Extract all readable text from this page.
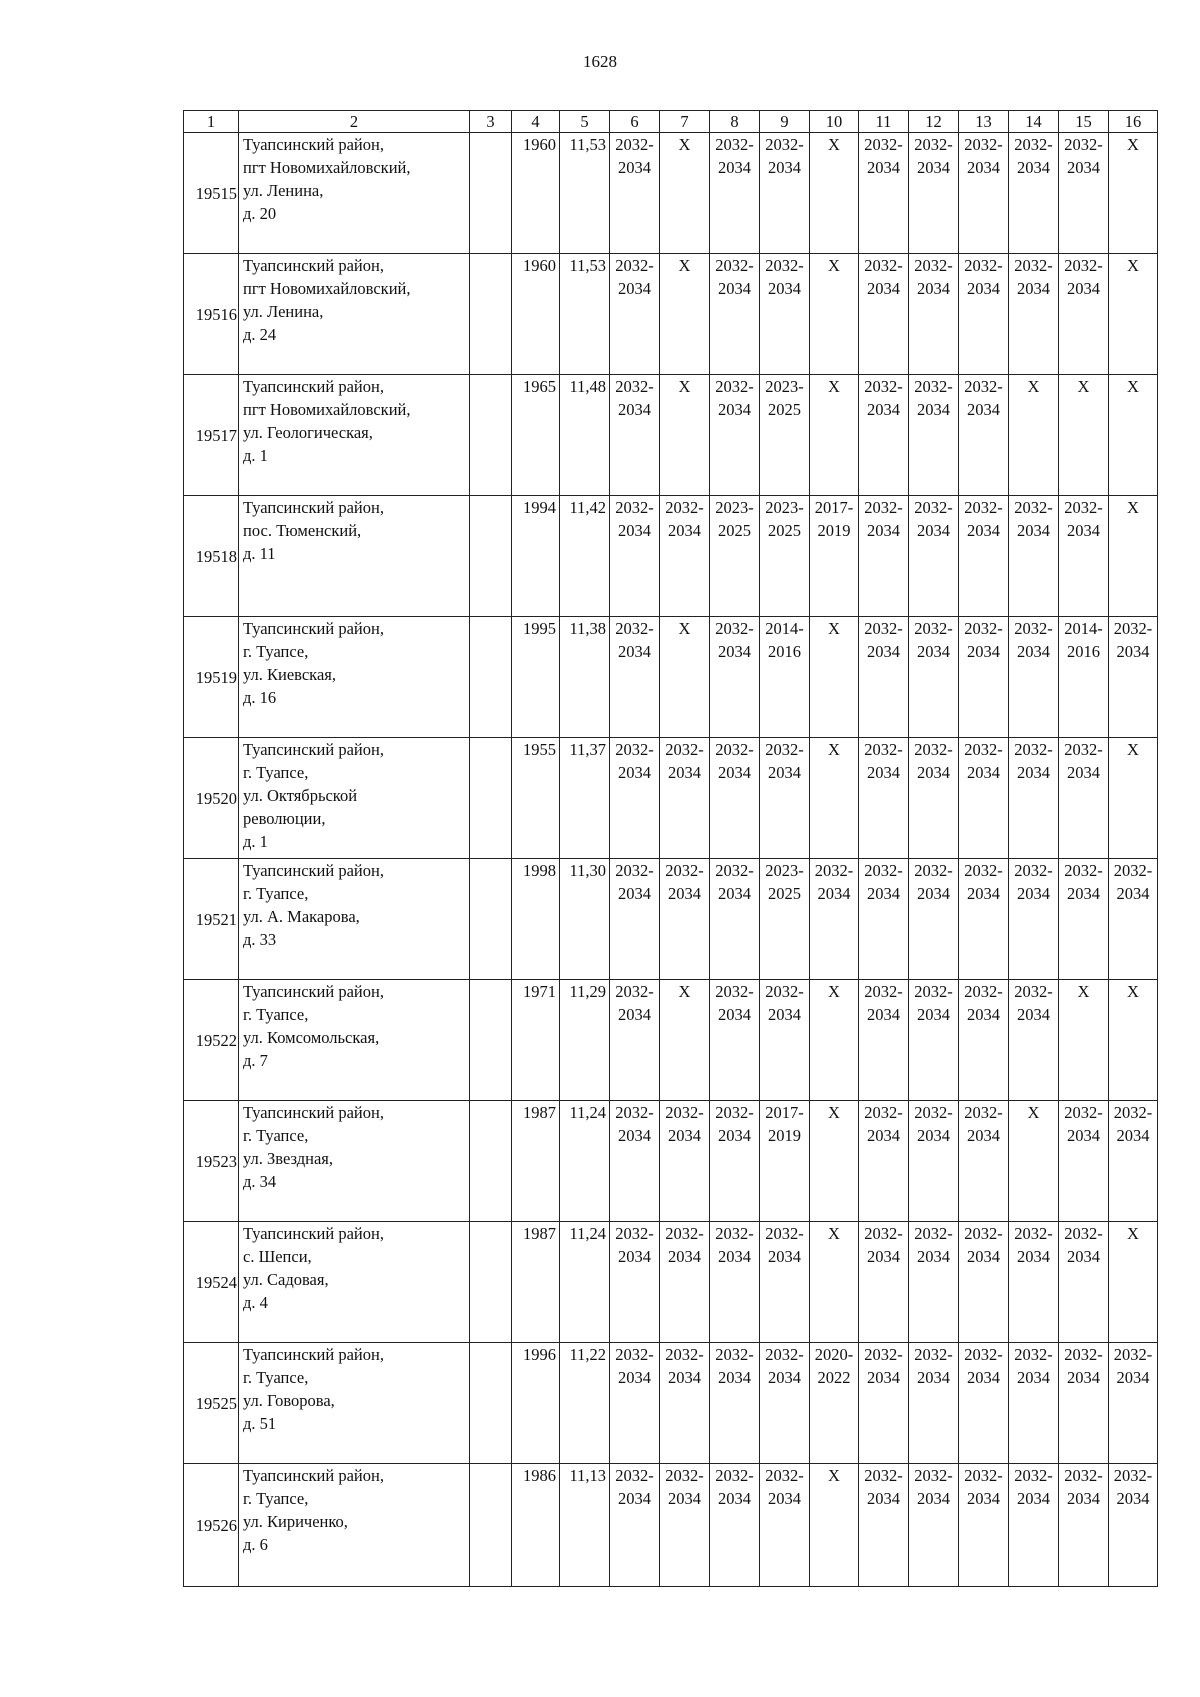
1628
1	2	3	4	5	6	7	8	9	10	11	12	13	14	15	16
19515	Туапсинский район,
пгт Новомихайловский,
ул. Ленина,
д. 20		1960	11,53	2032-
2034	X	2032-
2034	2032-
2034	X	2032-
2034	2032-
2034	2032-
2034	2032-
2034	2032-
2034	X

19516	Туапсинский район,
пгт Новомихайловский,
ул. Ленина,
д. 24		1960	11,53	2032-
2034	X	2032-
2034	2032-
2034	X	2032-
2034	2032-
2034	2032-
2034	2032-
2034	2032-
2034	X

19517	Туапсинский район,
пгт Новомихайловский,
ул. Геологическая,
д. 1		1965	11,48	2032-
2034	X	2032-
2034	2023-
2025	X	2032-
2034	2032-
2034	2032-
2034	X	X	X

19518	Туапсинский район,
пос. Тюменский,
д. 11		1994	11,42	2032-
2034	2032-
2034	2023-
2025	2023-
2025	2017-
2019	2032-
2034	2032-
2034	2032-
2034	2032-
2034	2032-
2034	X

19519	Туапсинский район,
г. Туапсе,
ул. Киевская,
д. 16		1995	11,38	2032-
2034	X	2032-
2034	2014-
2016	X	2032-
2034	2032-
2034	2032-
2034	2032-
2034	2014-
2016	2032-
2034

19520	Туапсинский район,
г. Туапсе,
ул. Октябрьской
революции,
д. 1		1955	11,37	2032-
2034	2032-
2034	2032-
2034	2032-
2034	X	2032-
2034	2032-
2034	2032-
2034	2032-
2034	2032-
2034	X

19521	Туапсинский район,
г. Туапсе,
ул. А. Макарова,
д. 33		1998	11,30	2032-
2034	2032-
2034	2032-
2034	2023-
2025	2032-
2034	2032-
2034	2032-
2034	2032-
2034	2032-
2034	2032-
2034	2032-
2034

19522	Туапсинский район,
г. Туапсе,
ул. Комсомольская,
д. 7		1971	11,29	2032-
2034	X	2032-
2034	2032-
2034	X	2032-
2034	2032-
2034	2032-
2034	2032-
2034	X	X

19523	Туапсинский район,
г. Туапсе,
ул. Звездная,
д. 34		1987	11,24	2032-
2034	2032-
2034	2032-
2034	2017-
2019	X	2032-
2034	2032-
2034	2032-
2034	X	2032-
2034	2032-
2034

19524	Туапсинский район,
с. Шепси,
ул. Садовая,
д. 4		1987	11,24	2032-
2034	2032-
2034	2032-
2034	2032-
2034	X	2032-
2034	2032-
2034	2032-
2034	2032-
2034	2032-
2034	X

19525	Туапсинский район,
г. Туапсе,
ул. Говорова,
д. 51		1996	11,22	2032-
2034	2032-
2034	2032-
2034	2032-
2034	2020-
2022	2032-
2034	2032-
2034	2032-
2034	2032-
2034	2032-
2034	2032-
2034

19526	Туапсинский район,
г. Туапсе,
ул. Кириченко,
д. 6		1986	11,13	2032-
2034	2032-
2034	2032-
2034	2032-
2034	X	2032-
2034	2032-
2034	2032-
2034	2032-
2034	2032-
2034	2032-
2034
